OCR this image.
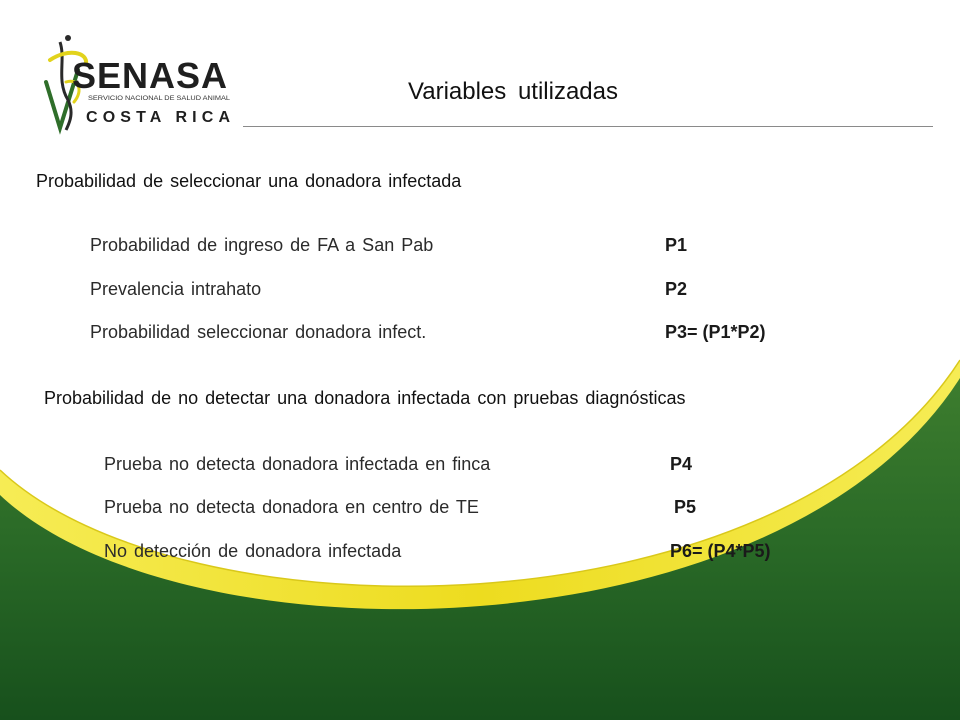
SENASA
SERVICIO NACIONAL DE SALUD ANIMAL
COSTA RICA
Variables utilizadas
Probabilidad de seleccionar una donadora infectada
Probabilidad de ingreso de FA a San Pab	P1
Prevalencia intrahato	P2
Probabilidad seleccionar donadora infect.	P3= (P1*P2)
Probabilidad de no detectar una donadora infectada con pruebas diagnósticas
Prueba no detecta donadora infectada en finca	P4
Prueba no detecta donadora en centro de TE	P5
No detección de donadora infectada	P6= (P4*P5)
